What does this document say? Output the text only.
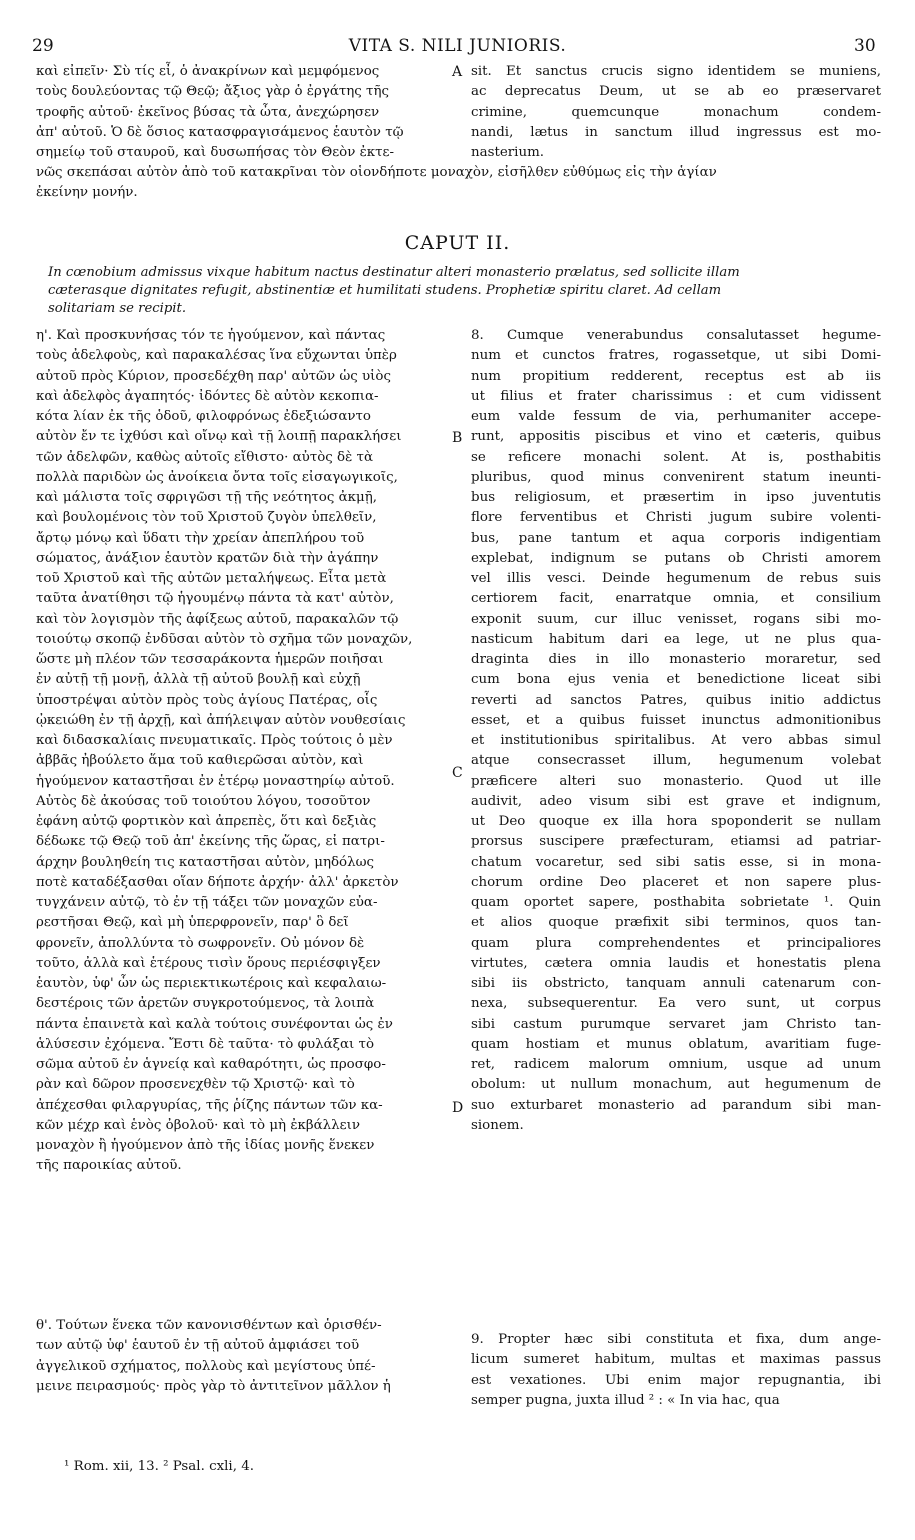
29	VITA S. NILI JUNIORIS.	30
καὶ εἰπεῖν· Σὺ τίς εἶ, ὁ ἀνακρίνων καὶ μεμφόμενος
τοὺς δουλεύοντας τῷ Θεῷ; ἄξιος γὰρ ὁ ἐργάτης τῆς
τροφῆς αὐτοῦ· ἐκεῖνος βύσας τὰ ὦτα, ἀνεχώρησεν
ἀπ' αὐτοῦ. Ὁ δὲ ὅσιος κατασφραγισάμενος ἑαυτὸν τῷ
σημείῳ τοῦ σταυροῦ, καὶ δυσωπήσας τὸν Θεὸν ἐκτε-
A sit. Et sanctus crucis signo identidem se muniens,
ac deprecatus Deum, ut se ab eo præservaret
crimine, quemcunque monachum condem-
nandi, lætus in sanctum illud ingressus est mo-
nasterium.
νῶς σκεπάσαι αὐτὸν ἀπὸ τοῦ κατακρῖναι τὸν οἱονδήποτε μοναχὸν, εἰσῆλθεν εὐθύμως εἰς τὴν ἁγίαν
ἐκείνην μονήν.
CAPUT II.
In cœnobium admissus vixque habitum nactus destinatur alteri monasterio prælatus, sed sollicite illam
cæterasque dignitates refugit, abstinentiæ et humilitati studens. Prophetiæ spiritu claret. Ad cellam
solitariam se recipit.
η'. Καὶ προσκυνήσας τόν τε ἡγούμενον, καὶ πάντας
τοὺς ἀδελφοὺς, καὶ παρακαλέσας ἵνα εὔχωνται ὑπὲρ
αὐτοῦ πρὸς Κύριον, προσεδέχθη παρ' αὐτῶν ὡς υἱὸς
καὶ ἀδελφὸς ἀγαπητός· ἰδόντες δὲ αὐτὸν κεκοπια-
κότα λίαν ἐκ τῆς ὁδοῦ, φιλοφρόνως ἐδεξιώσαντο
αὐτὸν ἔν τε ἰχθύσι καὶ οἴνῳ καὶ τῇ λοιπῇ παρακλήσει
τῶν ἀδελφῶν, καθὼς αὐτοῖς εἴθιστο· αὐτὸς δὲ τὰ
πολλὰ παριδὼν ὡς ἀνοίκεια ὄντα τοῖς εἰσαγωγικοῖς,
καὶ μάλιστα τοῖς σφριγῶσι τῇ τῆς νεότητος ἀκμῇ,
καὶ βουλομένοις τὸν τοῦ Χριστοῦ ζυγὸν ὑπελθεῖν,
ἄρτῳ μόνῳ καὶ ὕδατι τὴν χρείαν ἀπεπλήρου τοῦ
σώματος, ἀνάξιον ἑαυτὸν κρατῶν διὰ τὴν ἀγάπην
τοῦ Χριστοῦ καὶ τῆς αὐτῶν μεταλήψεως. Εἶτα μετὰ
ταῦτα ἀνατίθησι τῷ ἡγουμένῳ πάντα τὰ κατ' αὐτὸν,
καὶ τὸν λογισμὸν τῆς ἀφίξεως αὐτοῦ, παρακαλῶν τῷ
τοιούτῳ σκοπῷ ἐνδῦσαι αὐτὸν τὸ σχῆμα τῶν μοναχῶν,
ὥστε μὴ πλέον τῶν τεσσαράκοντα ἡμερῶν ποιῆσαι
ἐν αὐτῇ τῇ μονῇ, ἀλλὰ τῇ αὐτοῦ βουλῇ καὶ εὐχῇ
ὑποστρέψαι αὐτὸν πρὸς τοὺς ἁγίους Πατέρας, οἷς
ᾠκειώθη ἐν τῇ ἀρχῇ, καὶ ἀπήλειψαν αὐτὸν νουθεσίαις
καὶ διδασκαλίαις πνευματικαῖς. Πρὸς τούτοις ὁ μὲν
ἀββᾶς ἠβούλετο ἅμα τοῦ καθιερῶσαι αὐτὸν, καὶ
ἡγούμενον καταστῆσαι ἐν ἑτέρῳ μοναστηρίῳ αὐτοῦ.
Αὐτὸς δὲ ἀκούσας τοῦ τοιούτου λόγου, τοσοῦτον
ἐφάνη αὐτῷ φορτικὸν καὶ ἀπρεπὲς, ὅτι καὶ δεξιὰς
δέδωκε τῷ Θεῷ τοῦ ἀπ' ἐκείνης τῆς ὥρας, εἰ πατρι-
άρχην βουληθείη τις καταστῆσαι αὐτὸν, μηδόλως
ποτὲ καταδέξασθαι οἵαν δήποτε ἀρχήν· ἀλλ' ἀρκετὸν
τυγχάνειν αὐτῷ, τὸ ἐν τῇ τάξει τῶν μοναχῶν εὐα-
ρεστῆσαι Θεῷ, καὶ μὴ ὑπερφρονεῖν, παρ' ὃ δεῖ
φρονεῖν, ἀπολλύντα τὸ σωφρονεῖν. Οὐ μόνον δὲ
τοῦτο, ἀλλὰ καὶ ἑτέρους τισὶν ὅρους περιέσφιγξεν
ἑαυτὸν, ὑφ' ὧν ὡς περιεκτικωτέροις καὶ κεφαλαιω-
δεστέροις τῶν ἀρετῶν συγκροτούμενος, τὰ λοιπὰ
πάντα ἐπαινετὰ καὶ καλὰ τούτοις συνέφονται ὡς ἐν
ἁλύσεσιν ἐχόμενα. Ἔστι δὲ ταῦτα· τὸ φυλάξαι τὸ
σῶμα αὐτοῦ ἐν ἁγνείᾳ καὶ καθαρότητι, ὡς προσφο-
ρὰν καὶ δῶρον προσενεχθὲν τῷ Χριστῷ· καὶ τὸ
ἀπέχεσθαι φιλαργυρίας, τῆς ῥίζης πάντων τῶν κα-
κῶν μέχρ καὶ ἑνὸς ὀβολοῦ· καὶ τὸ μὴ ἐκβάλλειν
μοναχὸν ἢ ἡγούμενον ἀπὸ τῆς ἰδίας μονῆς ἕνεκεν
τῆς παροικίας αὐτοῦ.
θ'. Τούτων ἕνεκα τῶν κανονισθέντων καὶ ὁρισθέν-
των αὐτῷ ὑφ' ἑαυτοῦ ἐν τῇ αὐτοῦ ἀμφιάσει τοῦ
ἀγγελικοῦ σχήματος, πολλοὺς καὶ μεγίστους ὑπέ-
μεινε πειρασμούς· πρὸς γὰρ τὸ ἀντιτεῖνον μᾶλλον ἡ
B
C
D
8. Cumque venerabundus consalutasset hegume-
num et cunctos fratres, rogassetque, ut sibi Domi-
num propitium redderent, receptus est ab iis
ut filius et frater charissimus : et cum vidissent
eum valde fessum de via, perhumaniter accepe-
runt, appositis piscibus et vino et cæteris, quibus
se reficere monachi solent. At is, posthabitis
pluribus, quod minus convenirent statum ineunti-
bus religiosum, et præsertim in ipso juventutis
flore ferventibus et Christi jugum subire volenti-
bus, pane tantum et aqua corporis indigentiam
explebat, indignum se putans ob Christi amorem
vel illis vesci. Deinde hegumenum de rebus suis
certiorem facit, enarratque omnia, et consilium
exponit suum, cur illuc venisset, rogans sibi mo-
nasticum habitum dari ea lege, ut ne plus qua-
draginta dies in illo monasterio moraretur, sed
cum bona ejus venia et benedictione liceat sibi
reverti ad sanctos Patres, quibus initio addictus
esset, et a quibus fuisset inunctus admonitionibus
et institutionibus spiritalibus. At vero abbas simul
atque consecrasset illum, hegumenum volebat
præficere alteri suo monasterio. Quod ut ille
audivit, adeo visum sibi est grave et indignum,
ut Deo quoque ex illa hora spoponderit se nullam
prorsus suscipere præfecturam, etiamsi ad patriar-
chatum vocaretur, sed sibi satis esse, si in mona-
chorum ordine Deo placeret et non sapere plus-
quam oportet sapere, posthabita sobrietate ¹. Quin
et alios quoque præfixit sibi terminos, quos tan-
quam plura comprehendentes et principaliores
virtutes, cætera omnia laudis et honestatis plena
sibi iis obstricto, tanquam annuli catenarum con-
nexa, subsequerentur. Ea vero sunt, ut corpus
sibi castum purumque servaret jam Christo tan-
quam hostiam et munus oblatum, avaritiam fuge-
ret, radicem malorum omnium, usque ad unum
obolum: ut nullum monachum, aut hegumenum de
suo exturbaret monasterio ad parandum sibi man-
sionem.
9. Propter hæc sibi constituta et fixa, dum ange-
licum sumeret habitum, multas et maximas passus
est vexationes. Ubi enim major repugnantia, ibi
semper pugna, juxta illud ² : « In via hac, qua
¹ Rom. xii, 13. ² Psal. cxli, 4.
